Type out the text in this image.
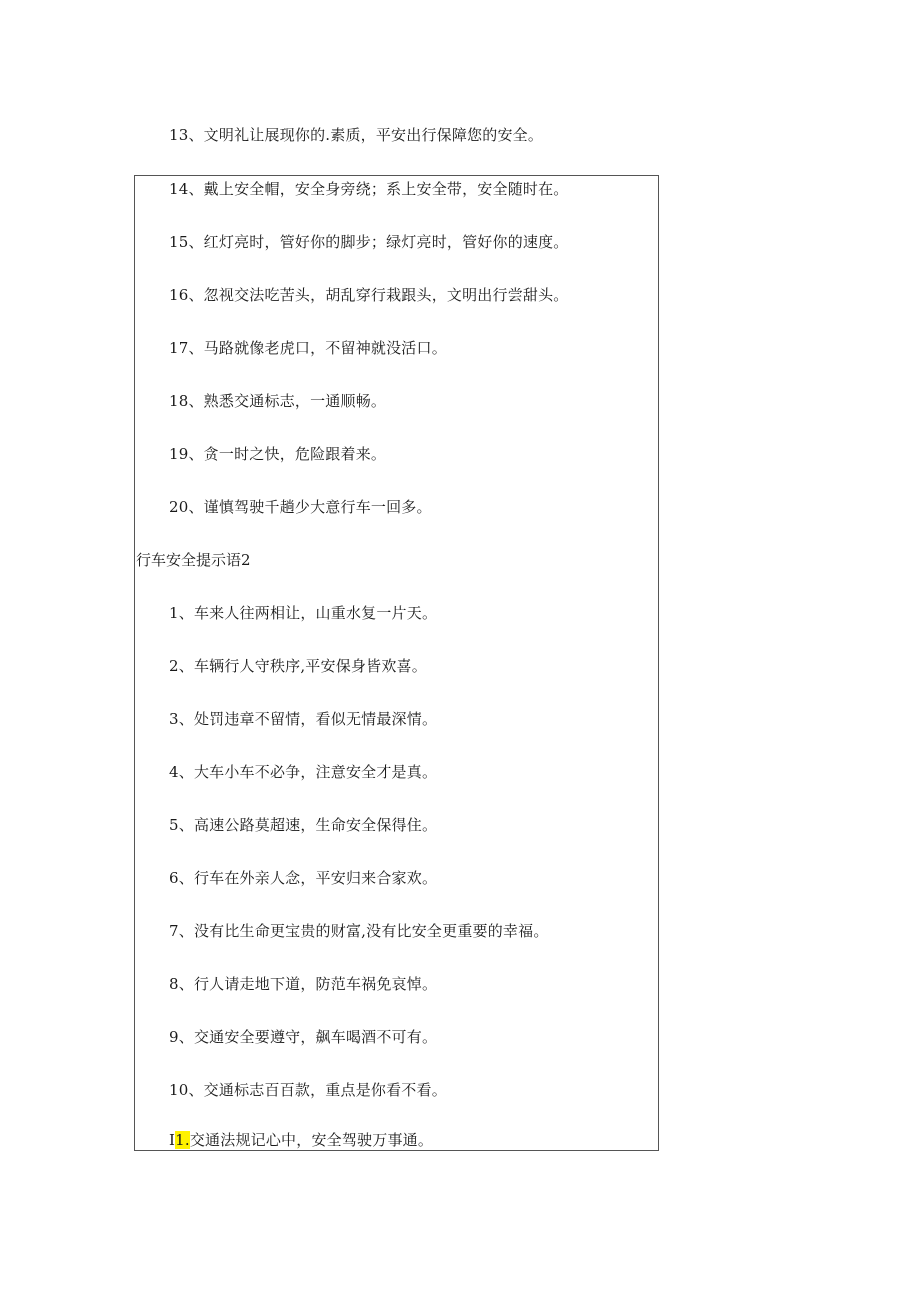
13、文明礼让展现你的.素质，平安出行保障您的安全。
14、戴上安全帽，安全身旁绕；系上安全带，安全随时在。
15、红灯亮时，管好你的脚步；绿灯亮时，管好你的速度。
16、忽视交法吃苦头，胡乱穿行栽跟头，文明出行尝甜头。
17、马路就像老虎口，不留神就没活口。
18、熟悉交通标志，一通顺畅。
19、贪一时之快，危险跟着来。
20、谨慎驾驶千趟少大意行车一回多。
行车安全提示语2
1、车来人往两相让，山重水复一片天。
2、车辆行人守秩序,平安保身皆欢喜。
3、处罚违章不留情，看似无情最深情。
4、大车小车不必争，注意安全才是真。
5、高速公路莫超速，生命安全保得住。
6、行车在外亲人念，平安归来合家欢。
7、没有比生命更宝贵的财富,没有比安全更重要的幸福。
8、行人请走地下道，防范车祸免哀悼。
9、交通安全要遵守，飙车喝酒不可有。
10、交通标志百百款，重点是你看不看。
I1.交通法规记心中，安全驾驶万事通。
